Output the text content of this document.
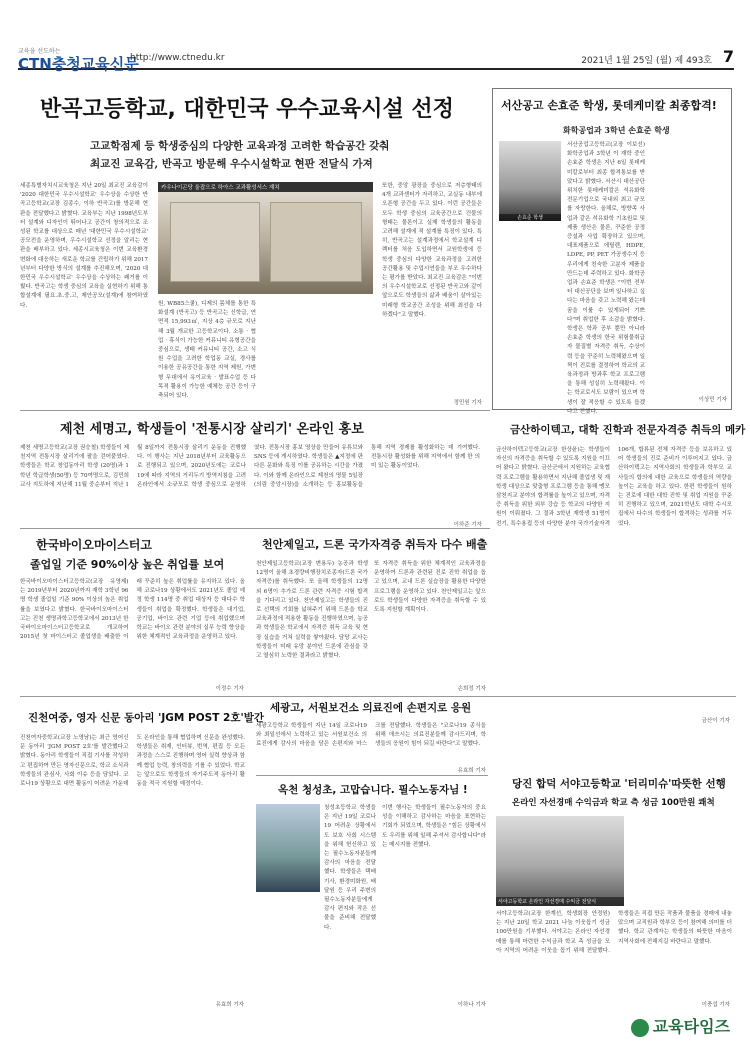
교육을 선도하는
CTN충청교육신문
http://www.ctnedu.kr	2021년 1월 25일 (월) 제 493호 7
반곡고등학교, 대한민국 우수교육시설 선정
고교학점제 등 학생중심의 다양한 교육과정 고려한 학습공간 갖춰
최교진 교육감, 반곡고 방문해 우수시설학교 현판 전달식 가져
세종특별자치시교육청은 지난 20일 최교진 교육감이 '2020 대한민국 우수시설학교' 우수상을 수상한 반곡고등학교(교장 김종수, 이하 반곡고)를 방문해 현판을 전달했다고 밝혔다. 교육부는 지난 1998년도부터 설계와 디자인이 뛰어나고 공간이 창의적으로 조성된 학교를 대상으로 매년 '대한민국 우수시설학교' 공모전을 운영하며, 우수시설학교 선정을 알리는 현판을 배부하고 있다. 세종시교육청은 이번 교육환경 변화에 대응하는 새로운 학교를 건립하기 위해 2017년부터 다양한 방식의 설계를 추진해오며, '2020 대한민국 우수시설학교' 우수상을 수상하는 쾌거를 이뤘다. 반곡고는 학생 중심의 교육을 실현하기 위해 통합설계에 필요.초.중.고, 제안공모(설계)에 참여하였다.
카우나이곤당 울잡으로 하아스 교과활성서스 재치
원, WB85스쿨), 디제의 몸체를 통한 특화설계 (반곡고) 등 반곡고는 신학급, 연면적 15,993㎡, 지상 4층 규모로 지난해 3월 개교한 고등학교이다. 소통 · 협업 · 휴식이 가능한 커뮤니티 유형공간을 중심으로, 생태 커뮤니티 공간, 소고 식원 수업을 고려한 학업동 교실, 경사를 이용한 공유공간을 통한 지역 제원, 가변형 무대에서 유이교육 · 발표수업 등 다목적 활용이 가능한 예체능 공간 등이 구축되어 있다.
또한, 중앙 광장을 중심으로 저층형태의 4개 교과센터가 자리하고, 교실동 내부에 오픈형 공간을 두고 있다. 이런 공간들은 모두 학생 중심의 교육공간으로 건물의 형태는 물론이고 실제 학생들의 활동을 고려해 설계에 적 설계를 특징이 있다. 특히, 반곡고는 설계과정에서 학교설계 디렉터를 처음 도입하면서 교원학생에 등 학생 중심의 다양한 교육과정을 고려한 공간활용 및 수업시연들을 부조 우수하다는 평가를 받았다. 최교진 교육감은 "이번의 우수시설학교로 선정된 반곡고와 같이 앞으로도 학생들의 삶과 배움이 살아있는 미래형 학교공간 조성을 위해 최선을 다하겠다"고 말했다.
정민원 기자
서산공고 손효준 학생, 롯데케미칼 최종합격!
화학공업과 3학년 손효준 학생
손효준 학생
서산공업고등학교(교장 이보선) 화학공업과 3학년 이 재학 중인 손효준 학생은 지난 6일 롯데케미칼로부터 최종 합격통보를 받았다고 밝혔다. 서산시 대산공단 위치한 롯데케미칼은 석유화학 전문기업으로 국내외 최고 규모를 자랑한다. 올해로, 방향족 사업과 같은 석유화학 기초원료 및 제품 생산은 물론, 꾸준한 공정 증설과 사업 확장하고 있으며, 대표제품으로 에틸렌, HDPE, LDPE, PP, PET 가공생수지 등 우리에게 친숙한 고분자 제품을 만드는데 주력하고 있다. 화학공업과 손효준 학생은 "이번 전부터 대신공단을 보며 일나하고 싶다는 마음을 갖고 노력해 왔는데 꿈을 이룰 수 있게되어 기쁘다"며 취업한 후 소감을 밝혔다. 학생은 학과 공부 뿐만 아니라 손효준 학생의 한국 위험물취급자 물질별 자격증 취득, 수상이력 등을 꾸준히 노력해왔으며 일찍이 진로를 결정하여 학교의 교육과정과 방과후 학교 프로그램을 통해 성실히 노력해왔다. 이는 학교로서도 보람이 있으며 학생이 잘 적응할 수 있도록 돕겠다고 전했다.
이상민 기자
제천 세명고, 학생들이 '전통시장 살리기' 온라인 홍보
제천 세명고등학교(교장 권승철) 학생들이 제천지역 전통시장 살리기에 팔을 걷어붙였다. 학생들은 학교 창업동아리 학생 (20명)과 1학년 학급학생(50명) 등 70여명으로, 김민희 교사 지도하에 지난해 11월 중순부터 지난 1월 8일까지 전통시장 살리기 운동을 진행했다. 이 행사는 지난 2018년부터 교육활동으로 진행되고 있으며, 2020년도에는 코로나19에 따라 지역의 거리두기 방역지침을 고려 온라인에서 소규모로 학생 중심으로 운영하였다. 전통시장 홍보 영상을 만들어 유튜브와 SNS 등에 게시하였다. 학생들은 ▲지정에 판 다른 문화와 특징 이를 공유하는 시간을 가졌다. 이와 함께 온라인으로 제천의 명물 5일장(의림 중앙시장)을 소개하는 등 홍보활동을 통해 지역 경제를 활성화하는 데 기여했다. 전통시장 활성화를 위해 지역에서 함께 한 의미 있는 활동이었다.
이하준 기자
금산하이텍고, 대학 진학과 전문자격증 취득의 메카
금산하이텍고등학교(교장 한상윤)는 학생들이 자신의 자격증을 취득할 수 있도록 지원을 이끄어 왔다고 밝혔다. 금산군에서 지원하는 교육협력 프로그램을 활용하면서 지난해 졸업생 및 재학생 대상으로 맞춤형 프로그램 등을 통해 맹모삼천지교 분야의 합격률을 높이고 있으며, 자격증 취득을 위한 외부 강습 등 학교의 다양한 지원이 이뤄졌다. 그 결과 3학년 재학생 51명이 전기, 특수용접 등의 다양한 분야 국가기술자격 106개, 합류된 전체 자격증 등을 보유하고 있어 학생들의 진로 준비가 이루어지고 있다. 금산하이텍고는 지역사회의 학생들과 학부모 교사들의 합의에 대한 교육으로 학생들의 역량을 높이는 교육을 하고 있다. 한편 학생들이 원하는 진로에 대한 대학 진학 및 취업 지원을 꾸준히 진행하고 있으며, 2021학년도 대학 수시모집에서 다수의 학생들이 합격하는 성과를 거두었다.
금산이 기자
한국바이오마이스터고
졸업일 기준 90%이상 높은 취업률 보여
한국바이오마이스터고등학교(교장 유영제)는 2019년부터 2020년까지 재학 3학년 96명 학생 졸업일 기준 90% 이상의 높은 취업률을 보였다고 밝혔다. 한국바이오마이스터고는 진천 생명과학고등학교에서 2013년 한국바이오마이스터고등학교로 개교하여 2015년 첫 마이스터고 졸업생을 배출한 이래 꾸준히 높은 취업률을 유지하고 있다. 올해 코로나19 상황에서도 2021년도 졸업 예정 학생 114명 중 취업 대상자 등 대다수 학생들이 취업을 확정했다. 학생들은 대기업, 공기업, 바이오 관련 기업 등에 취업했으며 학교는 바이오 관련 분야의 실무 능력 향상을 위한 체계적인 교육과정을 운영하고 있다.
이정수 기자
천안제일고, 드론 국가자격증 취득자 다수 배출
천안제일고등학교(교장 변용두) 농공과 학생 12명이 올해 초경량비행장치조종자(드론 국가자격증)를 취득했다. 또 올해 학생들의 12명 외 6명이 추가로 드론 관련 자격증 시험 합격을 기다리고 있다. 천안제일고는 학생들의 진로 선택의 기회를 넓혀주기 위해 드론을 학교교육과정에 적용한 활동을 진행하였으며, 농공과 학생들은 학교에서 자격증 취득 교육 및 현장 실습을 거쳐 실력을 쌓아왔다. 담당 교사는 학생들이 미래 유망 분야인 드론에 관심을 갖고 열심히 노력한 결과라고 밝혔다.
또 자격증 취득을 위한 체계적인 교육과정을 운영하여 드론과 관련된 진로 진학 취업을 돕고 있으며, 교내 드론 실습장을 활용한 다양한 프로그램을 운영하고 있다. 천안제일고는 앞으로도 학생들이 다양한 자격증을 취득할 수 있도록 지원할 계획이다.
손희정 기자
진천여중, 영자 신문 동아리 'JGM POST 2호'발간
진천여자중학교(교장 노영남)는 최근 영어신문 동아리 'JGM POST 2호'를 발간했다고 밝혔다. 동아리 학생들이 직접 기사를 작성하고 편집하여 만든 영자신문으로, 학교 소식과 학생들의 관심사, 사회 이슈 등을 담았다. 코로나19 상황으로 대면 활동이 어려운 가운데도 온라인을 통해 협업하며 신문을 완성했다. 학생들은 취재, 인터뷰, 번역, 편집 등 모든 과정을 스스로 진행하며 영어 실력 향상과 함께 협업 능력, 창의력을 기를 수 있었다. 학교는 앞으로도 학생들의 자기주도적 동아리 활동을 적극 지원할 예정이다.
유효희 기자
세광고, 서원보건소 의료진에 손편지로 응원
세광고등학교 학생들이 지난 14일 코로나19와 최일선에서 노력하고 있는 서원보건소 의료진에게 감사의 마음을 담은 손편지와 마스크를 전달했다. 학생들은 "코로나19 종식을 위해 애쓰시는 의료진분들께 감사드리며, 학생들의 응원이 힘이 되길 바란다"고 말했다.
유효희 기자
옥천 청성초, 고맙습니다. 필수노동자님 !
청성초등학교 학생들은 지난 19일 코로나19 어려운 상황에서도 보호 사회 시스템을 위해 헌신하고 있는 필수노동자분들께 감사의 마음을 전달했다. 학생들은 택배기사, 환경미화원, 배달원 등 우리 주변의 필수노동자분들에게 감사 편지와 작은 선물을 준비해 전달했다.
이번 행사는 학생들이 필수노동자의 중요성을 이해하고 감사하는 마음을 표현하는 기회가 되었으며, 학생들은 "힘든 상황에서도 우리를 위해 일해 주셔서 감사합니다"라는 메시지를 전했다.
이하나 기자
당진 합덕 서야고등학교 '터리미슈'따뜻한 선행
온라인 자선경매 수익금과 학교 측 성금 100만원 쾌척
서야고등학교 온라인 자선경매 수익금 전달식
서야고등학교(교장 한계선, 학생회장 안정원)는 지난 20일 학교 2021 나눔 이웃돕기 성금 100만원을 기부했다. 서야고는 온라인 자선경매를 통해 마련한 수익금과 학교 측 성금을 모아 지역의 어려운 이웃을 돕기 위해 전달했다. 학생들은 직접 만든 작품과 물품을 경매에 내놓았으며 교직원과 학부모 등이 참여해 의미를 더했다. 학교 관계자는 학생들의 따뜻한 마음이 지역사회에 전해지길 바란다고 말했다.
이충섭 기자
교육타임즈
